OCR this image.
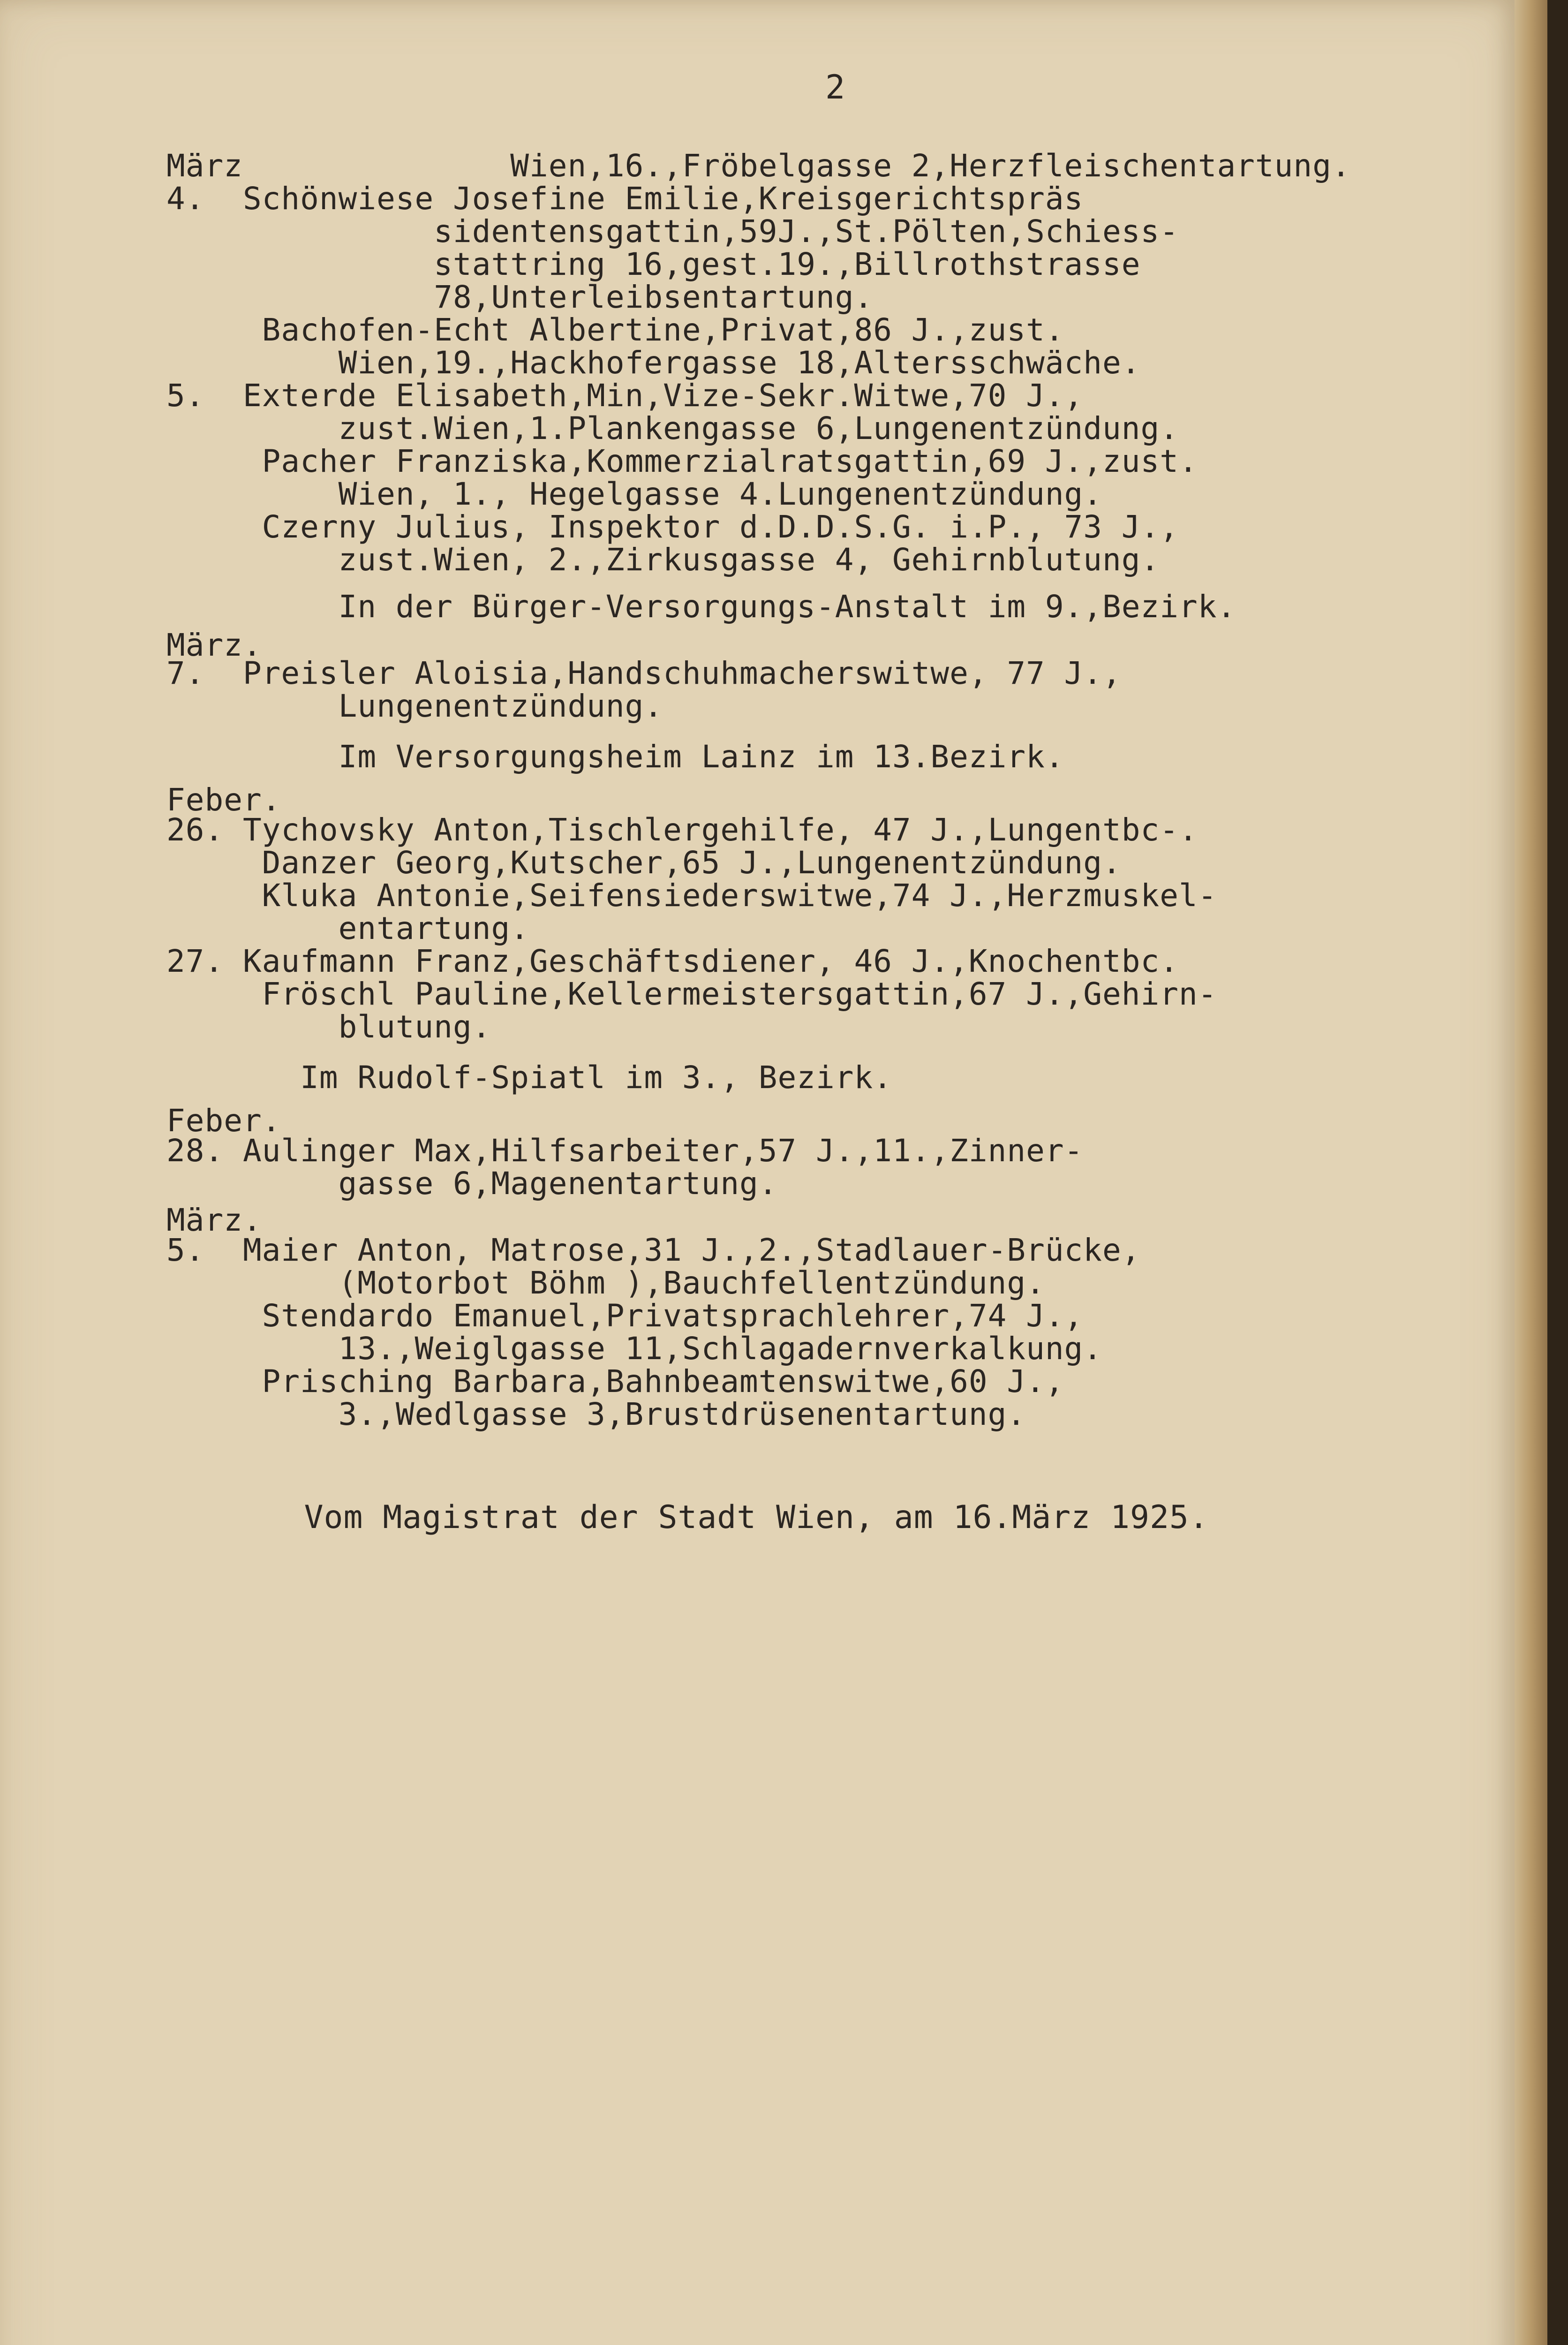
2
März              Wien,16.,Fröbelgasse 2,Herzfleischentartung.
4.  Schönwiese Josefine Emilie,Kreisgerichtspräs
sidentensgattin,59J.,St.Pölten,Schiess-
stattring 16,gest.19.,Billrothstrasse
78,Unterleibsentartung.
Bachofen-Echt Albertine,Privat,86 J.,zust.
Wien,19.,Hackhofergasse 18,Altersschwäche.
5.  Exterde Elisabeth,Min,Vize-Sekr.Witwe,70 J.,
zust.Wien,1.Plankengasse 6,Lungenentzündung.
Pacher Franziska,Kommerzialratsgattin,69 J.,zust.
Wien, 1., Hegelgasse 4.Lungenentzündung.
Czerny Julius, Inspektor d.D.D.S.G. i.P., 73 J.,
zust.Wien, 2.,Zirkusgasse 4, Gehirnblutung.
In der Bürger-Versorgungs-Anstalt im 9.,Bezirk.
März.
7.  Preisler Aloisia,Handschuhmacherswitwe, 77 J.,
Lungenentzündung.
Im Versorgungsheim Lainz im 13.Bezirk.
Feber.
26. Tychovsky Anton,Tischlergehilfe, 47 J.,Lungentbc-.
Danzer Georg,Kutscher,65 J.,Lungenentzündung.
Kluka Antonie,Seifensiederswitwe,74 J.,Herzmuskel-
entartung.
27. Kaufmann Franz,Geschäftsdiener, 46 J.,Knochentbc.
Fröschl Pauline,Kellermeistersgattin,67 J.,Gehirn-
blutung.
Im Rudolf-Spiatl im 3., Bezirk.
Feber.
28. Aulinger Max,Hilfsarbeiter,57 J.,11.,Zinner-
gasse 6,Magenentartung.
März.
5.  Maier Anton, Matrose,31 J.,2.,Stadlauer-Brücke,
(Motorbot Böhm ),Bauchfellentzündung.
Stendardo Emanuel,Privatsprachlehrer,74 J.,
13.,Weiglgasse 11,Schlagadernverkalkung.
Prisching Barbara,Bahnbeamtenswitwe,60 J.,
3.,Wedlgasse 3,Brustdrüsenentartung.
Vom Magistrat der Stadt Wien, am 16.März 1925.
